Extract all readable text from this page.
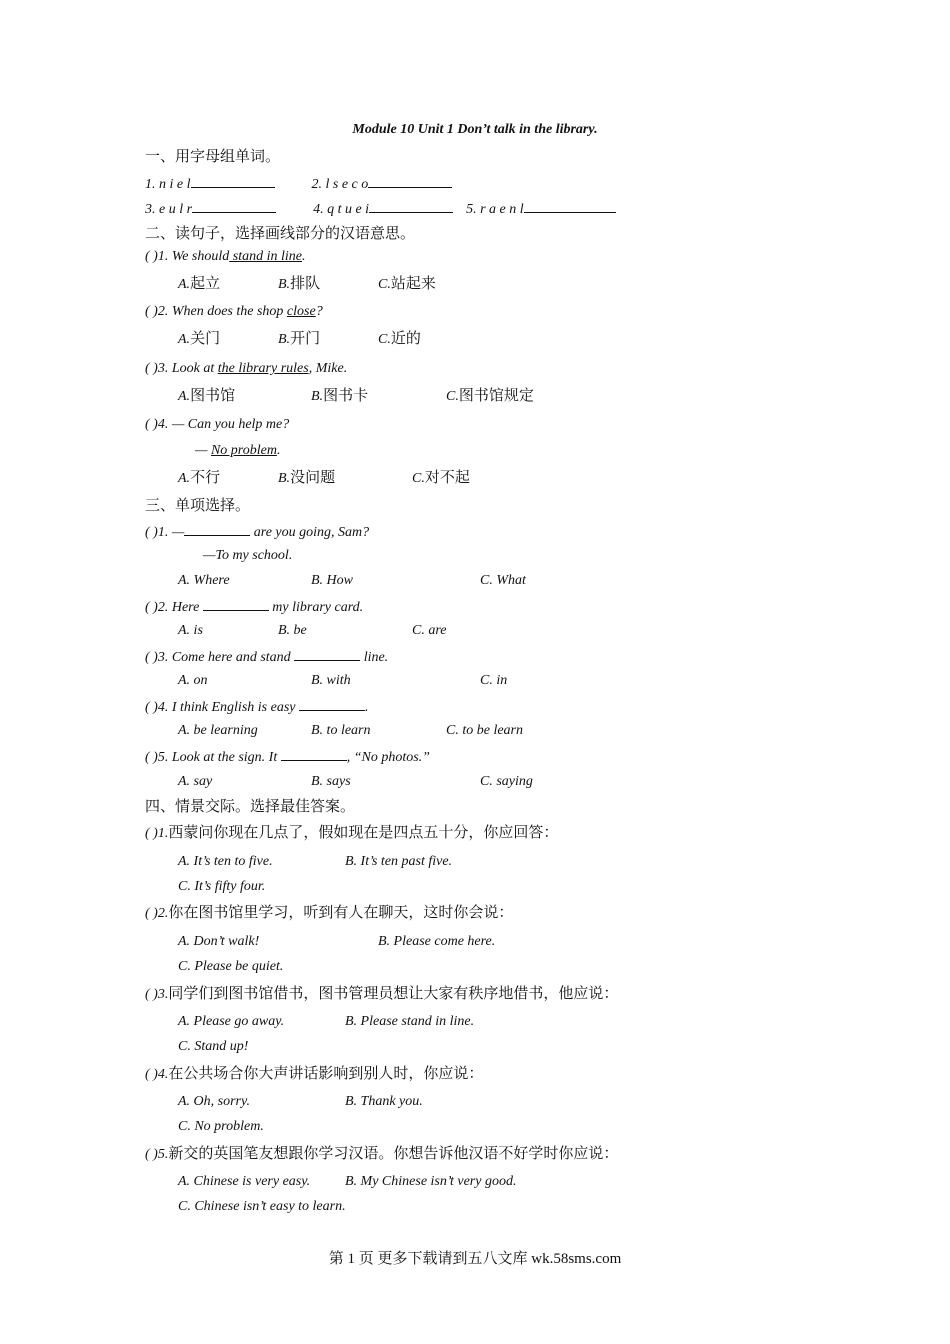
Module 10 Unit 1 Don’t talk in the library.
一、用字母组单词。
1. n i e l	2. l s e c o
3. e u l r	4. q t u e i	5. r a e n l
二、读句子，选择画线部分的汉语意思。
( )1. We should stand in line.
A.起立	B.排队	C.站起来
( )2. When does the shop close?
A.关门	B.开门	C.近的
( )3. Look at the library rules, Mike.
A.图书馆	B.图书卡	C.图书馆规定
( )4. — Can you help me?
— No problem.
A.不行	B.没问题	C.对不起
三、单项选择。
( )1. —	are you going, Sam?
—To my school.
A. Where	B. How	C. What
( )2. Here	my library card.
A. is	B. be	C. are
( )3. Come here and stand	line.
A. on	B. with	C. in
( )4. I think English is easy	.
A. be learning	B. to learn	C. to be learn
( )5. Look at the sign. It	, “No photos.”
A. say	B. says	C. saying
四、情景交际。选择最佳答案。
( )1.西蒙问你现在几点了，假如现在是四点五十分，你应回答：
A. It’s ten to five.	B. It’s ten past five.
C. It’s fifty four.
( )2.你在图书馆里学习，听到有人在聊天，这时你会说：
A. Don’t walk!	B. Please come here.
C. Please be quiet.
( )3.同学们到图书馆借书，图书管理员想让大家有秩序地借书，他应说：
A. Please go away.	B. Please stand in line.
C. Stand up!
( )4.在公共场合你大声讲话影响到别人时，你应说：
A. Oh, sorry.	B. Thank you.
C. No problem.
( )5.新交的英国笔友想跟你学习汉语。你想告诉他汉语不好学时你应说：
A. Chinese is very easy. B. My Chinese isn’t very good.
C. Chinese isn’t easy to learn.
第 1 页 更多下载请到五八文库 wk.58sms.com
